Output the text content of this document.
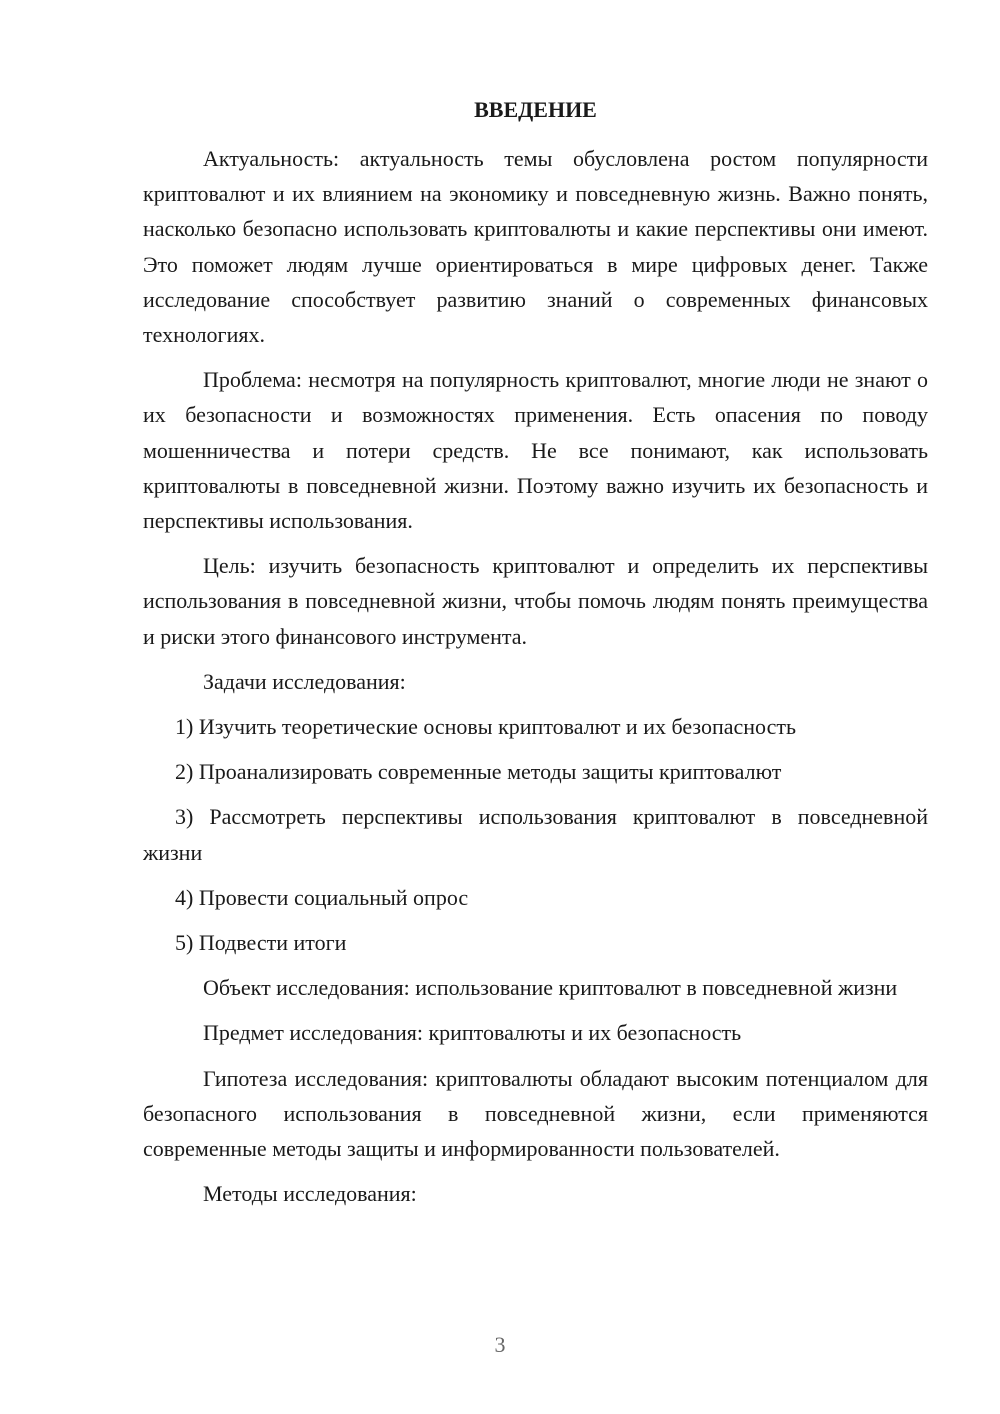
ВВЕДЕНИЕ

Актуальность: актуальность темы обусловлена ростом популярности криптовалют и их влиянием на экономику и повседневную жизнь. Важно понять, насколько безопасно использовать криптовалюты и какие перспективы они имеют. Это поможет людям лучше ориентироваться в мире цифровых денег. Также исследование способствует развитию знаний о современных финансовых технологиях.

Проблема: несмотря на популярность криптовалют, многие люди не знают о их безопасности и возможностях применения. Есть опасения по поводу мошенничества и потери средств. Не все понимают, как использовать криптовалюты в повседневной жизни. Поэтому важно изучить их безопасность и перспективы использования.

Цель: изучить безопасность криптовалют и определить их перспективы использования в повседневной жизни, чтобы помочь людям понять преимущества и риски этого финансового инструмента.

Задачи исследования:

1) Изучить теоретические основы криптовалют и их безопасность

2) Проанализировать современные методы защиты криптовалют

3) Рассмотреть перспективы использования криптовалют в повседневной жизни

4) Провести социальный опрос

5) Подвести итоги

Объект исследования: использование криптовалют в повседневной жизни

Предмет исследования: криптовалюты и их безопасность

Гипотеза исследования: криптовалюты обладают высоким потенциалом для безопасного использования в повседневной жизни, если применяются современные методы защиты и информированности пользователей.

Методы исследования:

3
